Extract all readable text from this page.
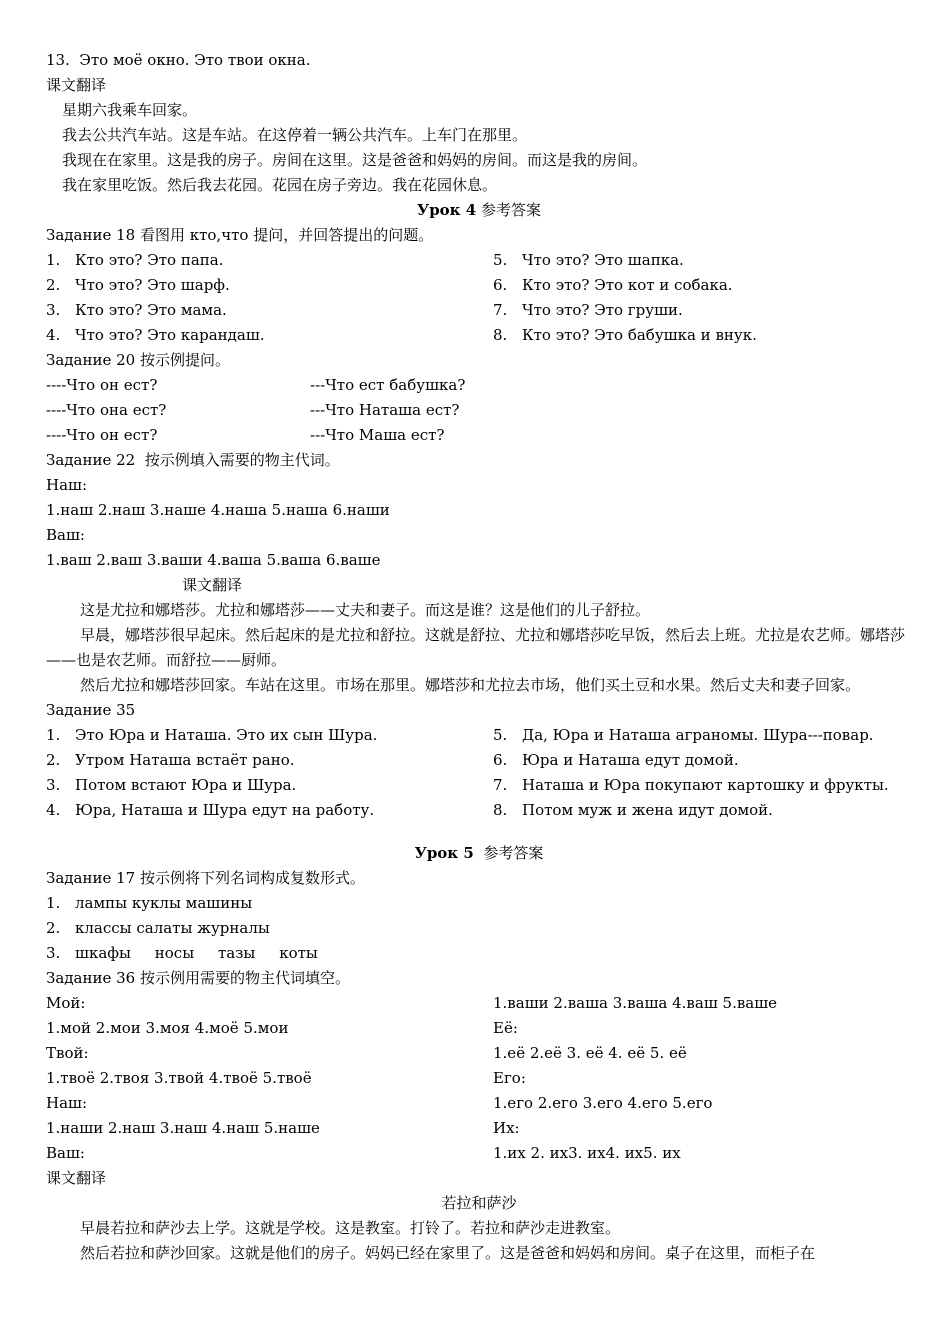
13.  Это моё окно. Это твои окна.
课文翻译
星期六我乘车回家。
我去公共汽车站。这是车站。在这停着一辆公共汽车。上车门在那里。
我现在在家里。这是我的房子。房间在这里。这是爸爸和妈妈的房间。而这是我的房间。
我在家里吃饭。然后我去花园。花园在房子旁边。我在花园休息。
Урок 4 参考答案
Задание 18 看图用 кто,что 提问，并回答提出的问题。
1. Кто это? Это папа.
2. Что это? Это шарф.
3. Кто это? Это мама.
4. Что это? Это карандаш.
5. Что это? Это шапка.
6. Кто это? Это кот и собака.
7. Что это? Это груши.
8. Кто это? Это бабушка и внук.
Задание 20 按示例提问。
----Что он ест?	---Что ест бабушка?
----Что она ест?	---Что Наташа ест?
----Что он ест?	---Что Маша ест?
Задание 22  按示例填入需要的物主代词。
Наш:
1.наш 2.наш 3.наше 4.наша 5.наша 6.наши
Ваш:
1.ваш 2.ваш 3.ваши 4.ваша 5.ваша 6.ваше
课文翻译
这是尤拉和娜塔莎。尤拉和娜塔莎——丈夫和妻子。而这是谁？这是他们的儿子舒拉。
早晨，娜塔莎很早起床。然后起床的是尤拉和舒拉。这就是舒拉、尤拉和娜塔莎吃早饭，然后去上班。尤拉是农艺师。娜塔莎——也是农艺师。而舒拉——厨师。
然后尤拉和娜塔莎回家。车站在这里。市场在那里。娜塔莎和尤拉去市场，他们买土豆和水果。然后丈夫和妻子回家。
Задание 35
1. Это Юра и Наташа. Это их сын Шура.
2. Утром Наташа встаёт рано.
3. Потом встают Юра и Шура.
4. Юра, Наташа и Шура едут на работу.
5. Да, Юра и Наташа агрaномы. Шура---повар.
6. Юра и Наташа едут домой.
7. Наташа и Юра покупают картошку и фрукты.
8. Потом муж и жена идут домой.
Урок 5  参考答案
Задание 17 按示例将下列名词构成复数形式。
1. лампы куклы машины
2. классы салаты журналы
3. шкафы     носы     тазы     коты
Задание 36 按示例用需要的物主代词填空。
Мой:
1.мой 2.мои 3.моя 4.моё 5.мои
Твой:
1.твоё 2.твоя 3.твой 4.твоё 5.твоё
Наш:
1.наши 2.наш 3.наш 4.наш 5.наше
Ваш:
1.ваши 2.ваша 3.ваша 4.ваш 5.ваше
Её:
1.её 2.её 3. её 4. её 5. её
Его:
1.его 2.его 3.его 4.его 5.его
Их:
1.их 2. их3. их4. их5. их
课文翻译
若拉和萨沙
早晨若拉和萨沙去上学。这就是学校。这是教室。打铃了。若拉和萨沙走进教室。
然后若拉和萨沙回家。这就是他们的房子。妈妈已经在家里了。这是爸爸和妈妈和房间。桌子在这里，而柜子在
